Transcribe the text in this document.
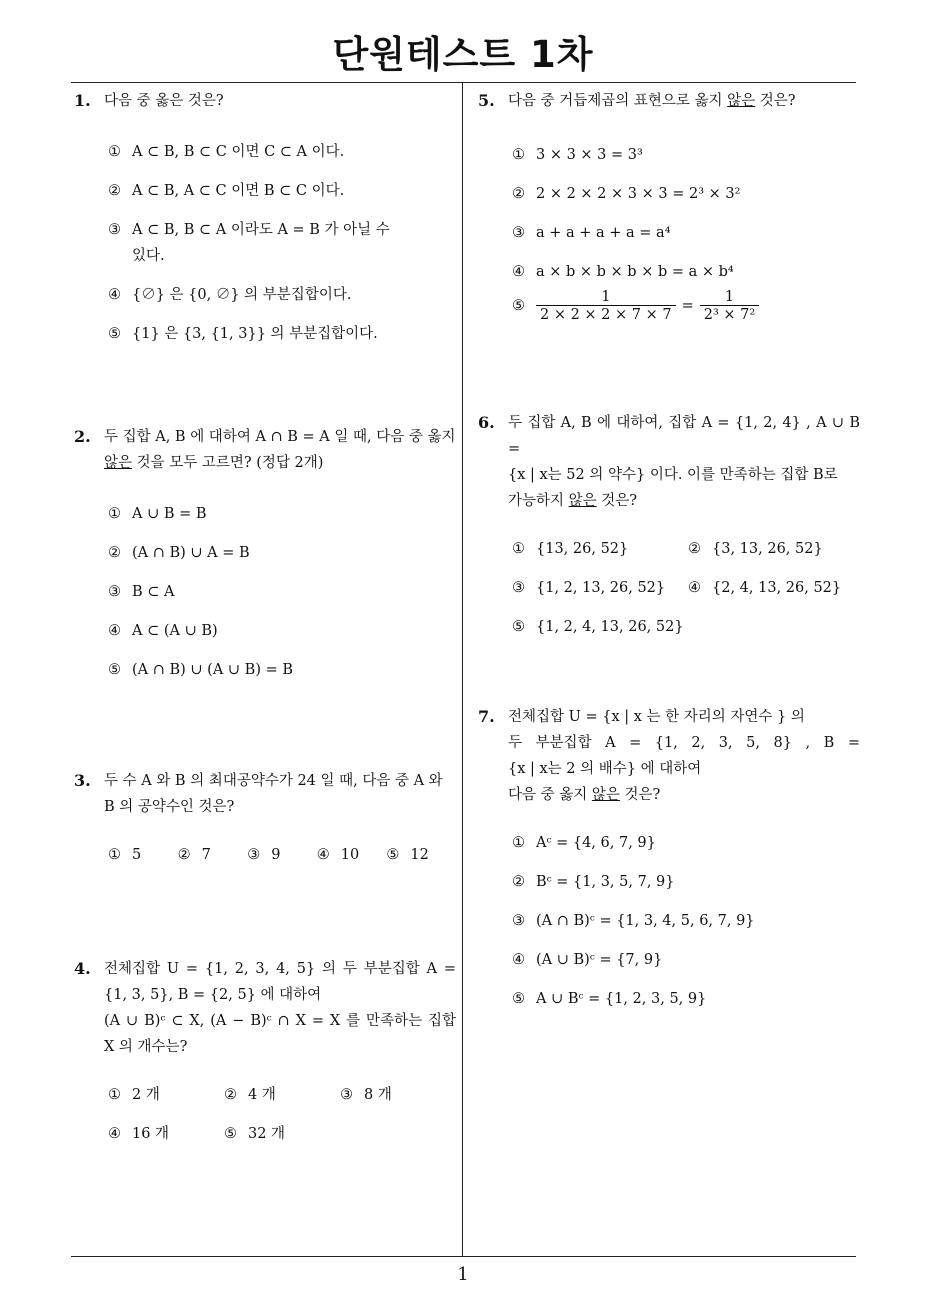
단원테스트 1차
1
1. 다음 중 옳은 것은?
① A ⊂ B, B ⊂ C 이면 C ⊂ A 이다.
② A ⊂ B, A ⊂ C 이면 B ⊂ C 이다.
③ A ⊂ B, B ⊂ A 이라도 A = B 가 아닐 수 있다.
④ {∅} 은 {0, ∅} 의 부분집합이다.
⑤ {1} 은 {3, {1, 3}} 의 부분집합이다.
2. 두 집합 A, B 에 대하여 A ∩ B = A 일 때, 다음 중 옳지 않은 것을 모두 고르면? (정답 2개)
① A ∪ B = B
② (A ∩ B) ∪ A = B
③ B ⊂ A
④ A ⊂ (A ∪ B)
⑤ (A ∩ B) ∪ (A ∪ B) = B
3. 두 수 A 와 B 의 최대공약수가 24 일 때, 다음 중 A 와 B 의 공약수인 것은?
① 5	② 7	③ 9	④ 10 ⑤ 12
4. 전체집합 U = {1, 2, 3, 4, 5} 의 두 부분집합 A =
{1, 3, 5}, B = {2, 5} 에 대하여
(A ∪ B)ᶜ ⊂ X, (A − B)ᶜ ∩ X = X 를 만족하는 집합
X 의 개수는?
① 2 개	② 4 개	③ 8 개
④ 16 개	⑤ 32 개
5. 다음 중 거듭제곱의 표현으로 옳지 않은 것은?
① 3 × 3 × 3 = 3³
② 2 × 2 × 2 × 3 × 3 = 2³ × 3²
③ a + a + a + a = a⁴
④ a × b × b × b × b = a × b⁴
⑤ $\frac{1}{2 \times 2 \times 2 \times 7 \times 7} = \frac{1}{\text{2³ × 7²}}$
6. 두 집합 A, B 에 대하여, 집합 A = {1, 2, 4} , A ∪ B =
{x | x는 52 의 약수} 이다. 이를 만족하는 집합 B로
가능하지 않은 것은?
① {13, 26, 52}	② {3, 13, 26, 52}
③ {1, 2, 13, 26, 52} ④ {2, 4, 13, 26, 52}
⑤ {1, 2, 4, 13, 26, 52}
7. 전체집합 U = {x | x 는 한 자리의 자연수 } 의
두 부분집합 A = {1, 2, 3, 5, 8} , B =
{x | x는 2 의 배수} 에 대하여
다음 중 옳지 않은 것은?
① Aᶜ = {4, 6, 7, 9}
② Bᶜ = {1, 3, 5, 7, 9}
③ (A ∩ B)ᶜ = {1, 3, 4, 5, 6, 7, 9}
④ (A ∪ B)ᶜ = {7, 9}
⑤ A ∪ Bᶜ = {1, 2, 3, 5, 9}
